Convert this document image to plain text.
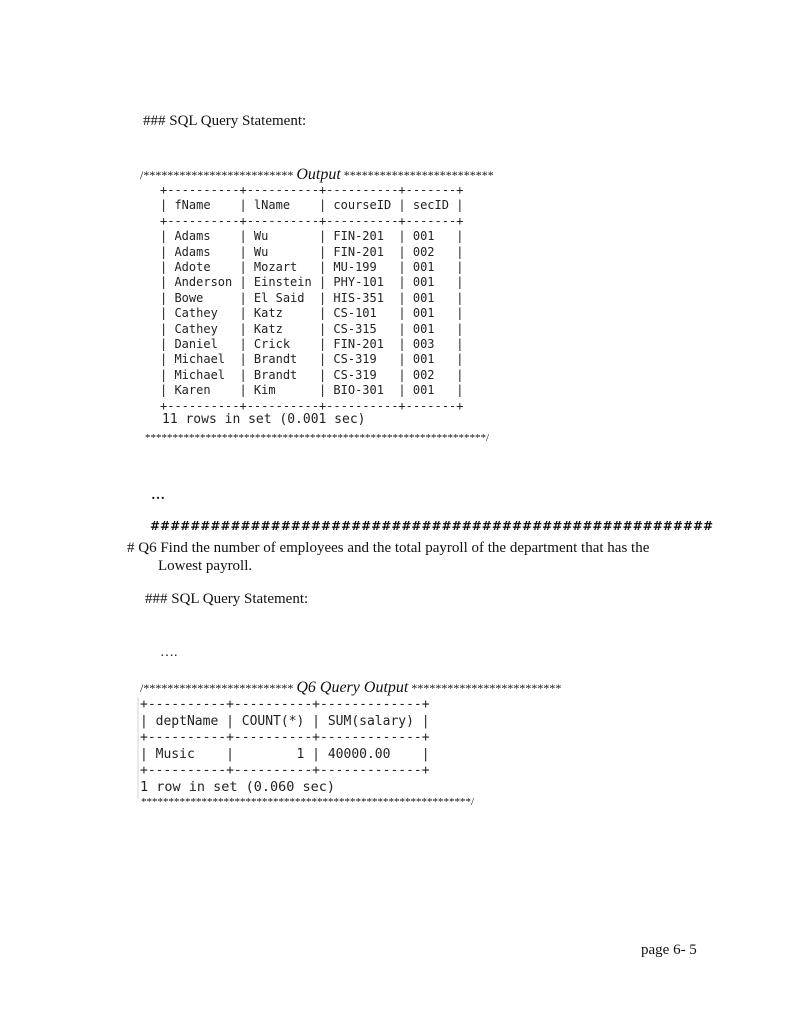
### SQL Query Statement:
/************************* Output *************************
+----------+----------+----------+-------+
| fName    | lName    | courseID | secID |
+----------+----------+----------+-------+
| Adams    | Wu       | FIN-201  | 001   |
| Adams    | Wu       | FIN-201  | 002   |
| Adote    | Mozart   | MU-199   | 001   |
| Anderson | Einstein | PHY-101  | 001   |
| Bowe     | El Said  | HIS-351  | 001   |
| Cathey   | Katz     | CS-101   | 001   |
| Cathey   | Katz     | CS-315   | 001   |
| Daniel   | Crick    | FIN-201  | 003   |
| Michael  | Brandt   | CS-319   | 001   |
| Michael  | Brandt   | CS-319   | 002   |
| Karen    | Kim      | BIO-301  | 001   |
+----------+----------+----------+-------+
11 rows in set (0.001 sec)
**************************************************************/
…
########################################################
# Q6 Find the number of employees and the total payroll of the department that has the
Lowest payroll.
### SQL Query Statement:
….
/************************* Q6 Query Output *************************
+----------+----------+-------------+
| deptName | COUNT(*) | SUM(salary) |
+----------+----------+-------------+
| Music    |        1 | 40000.00    |
+----------+----------+-------------+
1 row in set (0.060 sec)
************************************************************/
page 6- 5
